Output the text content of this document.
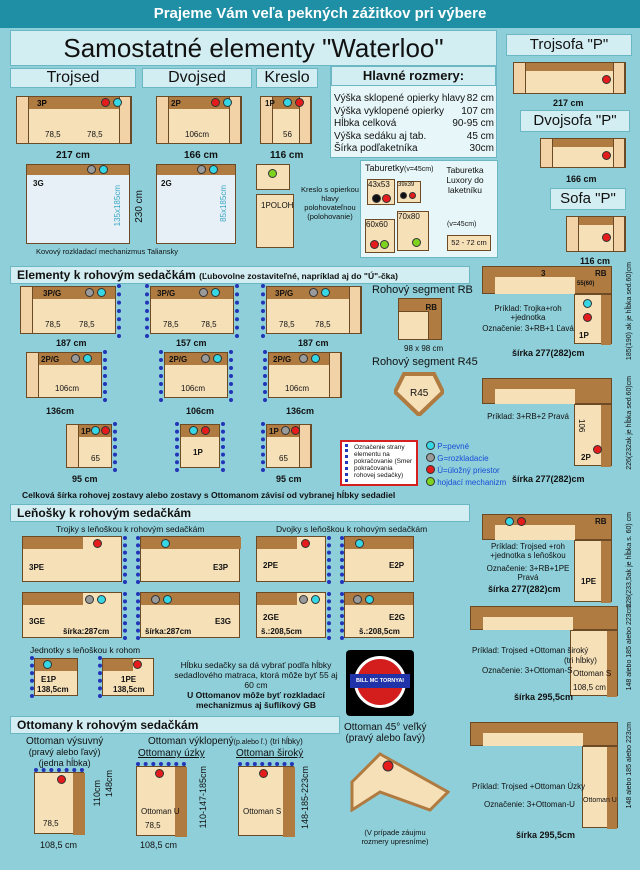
Prajeme Vám veľa pekných zážitkov pri výbere
Samostatné elementy "Waterloo"
Trojsed	Dvojsed	Kreslo	Hlavné rozmery:
Výška sklopené opierky hlavy 82 cm
Výška vyklopené opierky 107 cm
Hĺbka celková	90-95 cm
Výška sedáku aj tab.	45 cm
Šírka podľaketníka	30cm
Trojsofa "P"
Dvojsofa "P"
Sofa "P"
217 cm
166 cm
116 cm
3P
78,5	78,5
217 cm
2P
106cm
166 cm
1P
56
116 cm
3G
135x185cm 230 cm
2G
85x185cm
Kovový rozkladací mechanizmus Taliansky
1POLOH
Kreslo s opierkou hlavy polohovateľnou (polohovanie)
Taburetky(v=45cm)
43x53	39x39
60x60
70x80
Taburetka Luxory do laketníku
(v=45cm)
52 - 72 cm
Elementy k rohovým sedačkám (Ľubovolne zostaviteľné, napríklad aj do "Ú"-čka)
3P/G
78,5 78,5
187 cm
3P/G
78,5	78,5
157 cm
3P/G
78,5	78,5
187 cm
Rohový segment RB
RB
98 x 98 cm
Rohový segment R45
R45
2P/G
106cm
136cm
2P/G
106cm
106cm
2P/G
106cm
136cm
1P
65
95 cm
1P
1P
65
95 cm
Označenie strany elementu na pokračovanie (Smer pokračovania rohovej sedačky)
P=pevné
G=rozkladacie
Ú=úložný priestor
hojdací mechanizm
Celková šírka rohovej zostavy alebo zostavy s Ottomanom závisí od vybranej hĺbky sedadiel
Leňošky k rohovým sedačkám
Trojky s leňoškou k rohovým sedačkám	Dvojky s leňoškou k rohovým sedačkám
3PE	E3P
3GE
šírka:287cm
E3G
šírka:287cm
2PE	E2P
2GE
š.:208,5cm
E2G
š.:208,5cm
Jednotky s leňoškou k rohom
E1P
138,5cm
1PE
138,5cm
Hĺbku sedačky sa dá vybrať podľa hĺbky sedadlového matraca, ktorá môže byť 55 aj 60 cm
U Ottomanov môže byť rozkladací mechanizmus aj šuflíkový GB
BILL MC TORNYAI
Ottomany k rohovým sedačkám
Ottoman výsuvný
(pravý alebo ľavý)
(jedna hĺbka)
Ottoman výklopený(p.alebo ľ.) (tri hĺbky)
Ottomany úzky	Ottoman široký
78,5
110cm 148cm
108,5 cm
Ottoman U
78,5	110-147-185cm
108,5 cm
Ottoman S 148-185-223cm
Ottoman 45° veľký
(pravý alebo ľavý)
(V prípade záujmu rozmery upresníme)
3	RB
55(60)
1P
Príklad: Trojka+roh +jednotka
Označenie: 3+RB+1 Ľavá
šírka 277(282)cm	185(190) ak je hĺbka sed.60)cm
2P
106
Príklad: 3+RB+2 Pravá
šírka 277(282)cm
226(232ak je hĺbka sed.60)cm
RB
1PE
Príklad: Trojsed +roh +jednotka s leňoškou
Označenie: 3+RB+1PE Pravá
šírka 277(282)cm	228(233,5ak je hĺbka s. 60) cm
Ottoman S
108,5 cm
Príklad: Trojsed +Ottoman široký
(tri hĺbky)
Označenie: 3+Ottoman-S
šírka 295,5cm
148 alebo 185 alebo 223cm
Ottoman U
Príklad: Trojsed +Ottoman Úzky
Označenie: 3+Ottoman-U
šírka 295,5cm
148 alebo 185 alebo 223cm
